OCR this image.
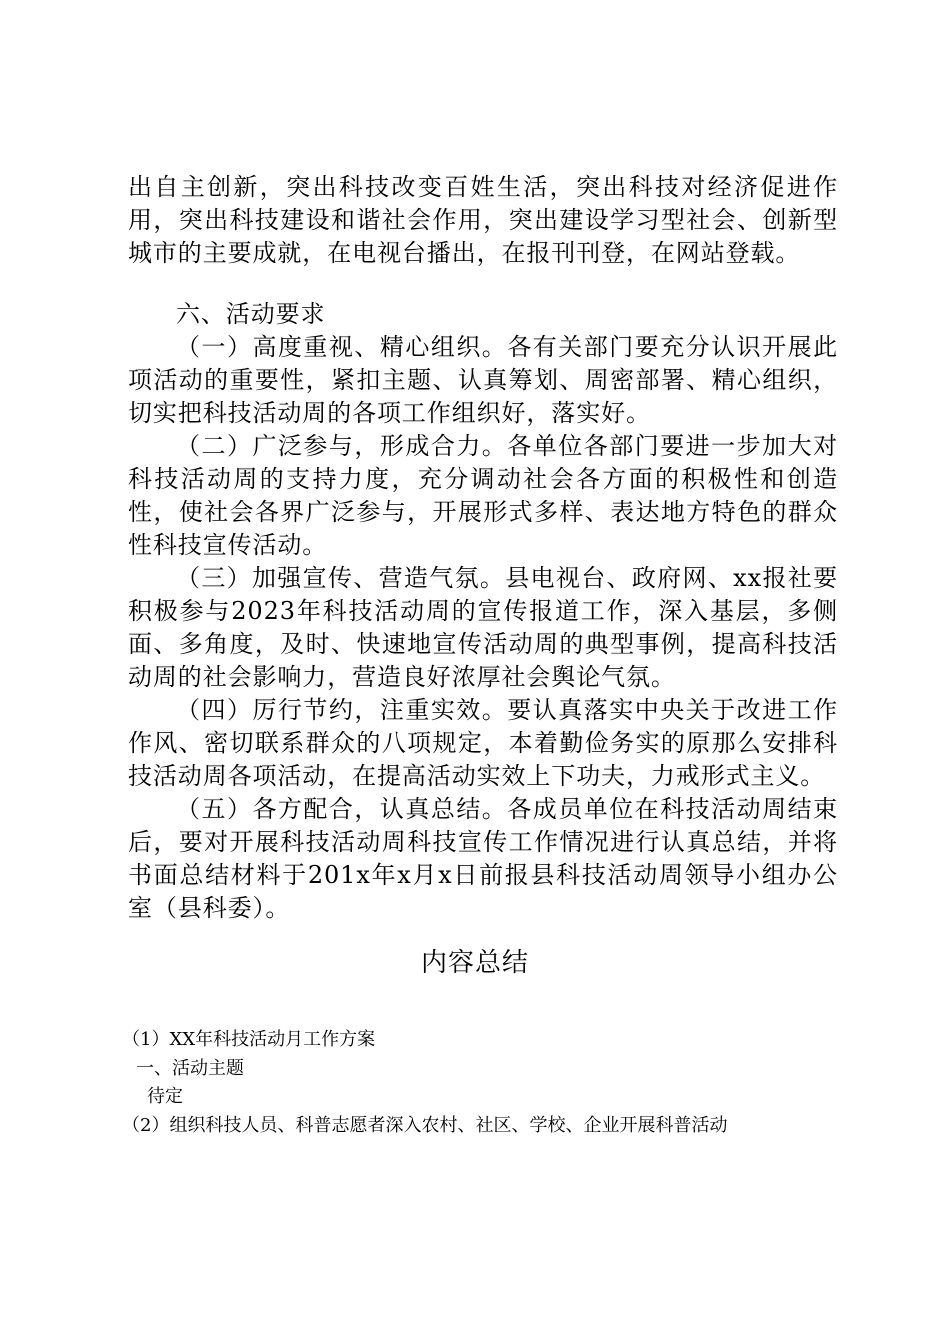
出自主创新，突出科技改变百姓生活，突出科技对经济促进作用，突出科技建设和谐社会作用，突出建设学习型社会、创新型城市的主要成就，在电视台播出，在报刊刊登，在网站登载。

六、活动要求

（一）高度重视、精心组织。各有关部门要充分认识开展此项活动的重要性，紧扣主题、认真筹划、周密部署、精心组织，切实把科技活动周的各项工作组织好，落实好。

（二）广泛参与，形成合力。各单位各部门要进一步加大对科技活动周的支持力度，充分调动社会各方面的积极性和创造性，使社会各界广泛参与，开展形式多样、表达地方特色的群众性科技宣传活动。

（三）加强宣传、营造气氛。县电视台、政府网、xx报社要积极参与2023年科技活动周的宣传报道工作，深入基层，多侧面、多角度，及时、快速地宣传活动周的典型事例，提高科技活动周的社会影响力，营造良好浓厚社会舆论气氛。

（四）厉行节约，注重实效。要认真落实中央关于改进工作作风、密切联系群众的八项规定，本着勤俭务实的原那么安排科技活动周各项活动，在提高活动实效上下功夫，力戒形式主义。

（五）各方配合，认真总结。各成员单位在科技活动周结束后，要对开展科技活动周科技宣传工作情况进行认真总结，并将书面总结材料于201x年x月x日前报县科技活动周领导小组办公室（县科委）。

内容总结
（1）XX年科技活动月工作方案
一、活动主题
待定
（2）组织科技人员、科普志愿者深入农村、社区、学校、企业开展科普活动
